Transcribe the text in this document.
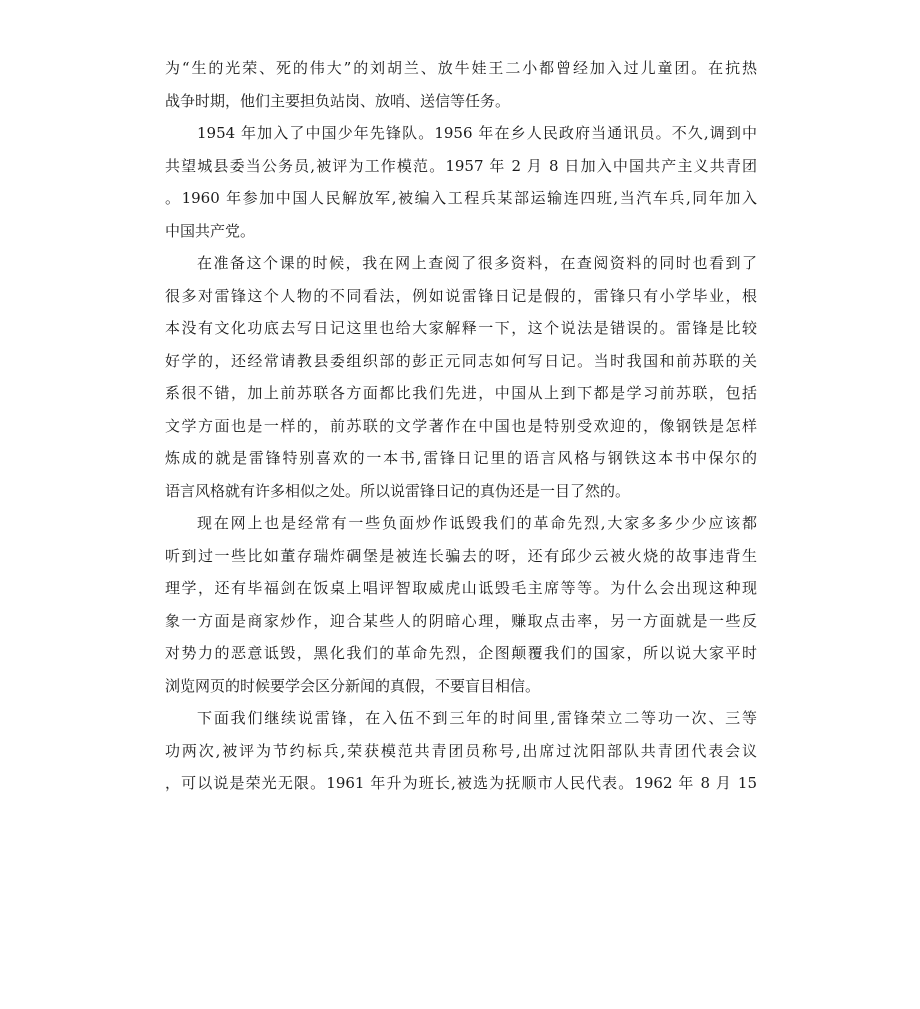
为“生的光荣、死的伟大”的刘胡兰、放牛娃王二小都曾经加入过儿童团。在抗热
战争时期，他们主要担负站岗、放哨、送信等任务。
1954 年加入了中国少年先锋队。1956 年在乡人民政府当通讯员。不久,调到中
共望城县委当公务员,被评为工作模范。1957 年 2 月 8 日加入中国共产主义共青团
。1960 年参加中国人民解放军,被编入工程兵某部运输连四班,当汽车兵,同年加入
中国共产党。
在准备这个课的时候，我在网上查阅了很多资料，在查阅资料的同时也看到了
很多对雷锋这个人物的不同看法，例如说雷锋日记是假的，雷锋只有小学毕业，根
本没有文化功底去写日记这里也给大家解释一下，这个说法是错误的。雷锋是比较
好学的，还经常请教县委组织部的彭正元同志如何写日记。当时我国和前苏联的关
系很不错，加上前苏联各方面都比我们先进，中国从上到下都是学习前苏联，包括
文学方面也是一样的，前苏联的文学著作在中国也是特别受欢迎的，像钢铁是怎样
炼成的就是雷锋特别喜欢的一本书,雷锋日记里的语言风格与钢铁这本书中保尔的
语言风格就有许多相似之处。所以说雷锋日记的真伪还是一目了然的。
现在网上也是经常有一些负面炒作诋毁我们的革命先烈,大家多多少少应该都
听到过一些比如董存瑞炸碉堡是被连长骗去的呀，还有邱少云被火烧的故事违背生
理学，还有毕福剑在饭桌上唱评智取威虎山诋毁毛主席等等。为什么会出现这种现
象一方面是商家炒作，迎合某些人的阴暗心理，赚取点击率，另一方面就是一些反
对势力的恶意诋毁，黑化我们的革命先烈，企图颠覆我们的国家，所以说大家平时
浏览网页的时候要学会区分新闻的真假，不要盲目相信。
下面我们继续说雷锋，在入伍不到三年的时间里,雷锋荣立二等功一次、三等
功两次,被评为节约标兵,荣获模范共青团员称号,出席过沈阳部队共青团代表会议
，可以说是荣光无限。1961 年升为班长,被选为抚顺市人民代表。1962 年 8 月 15
